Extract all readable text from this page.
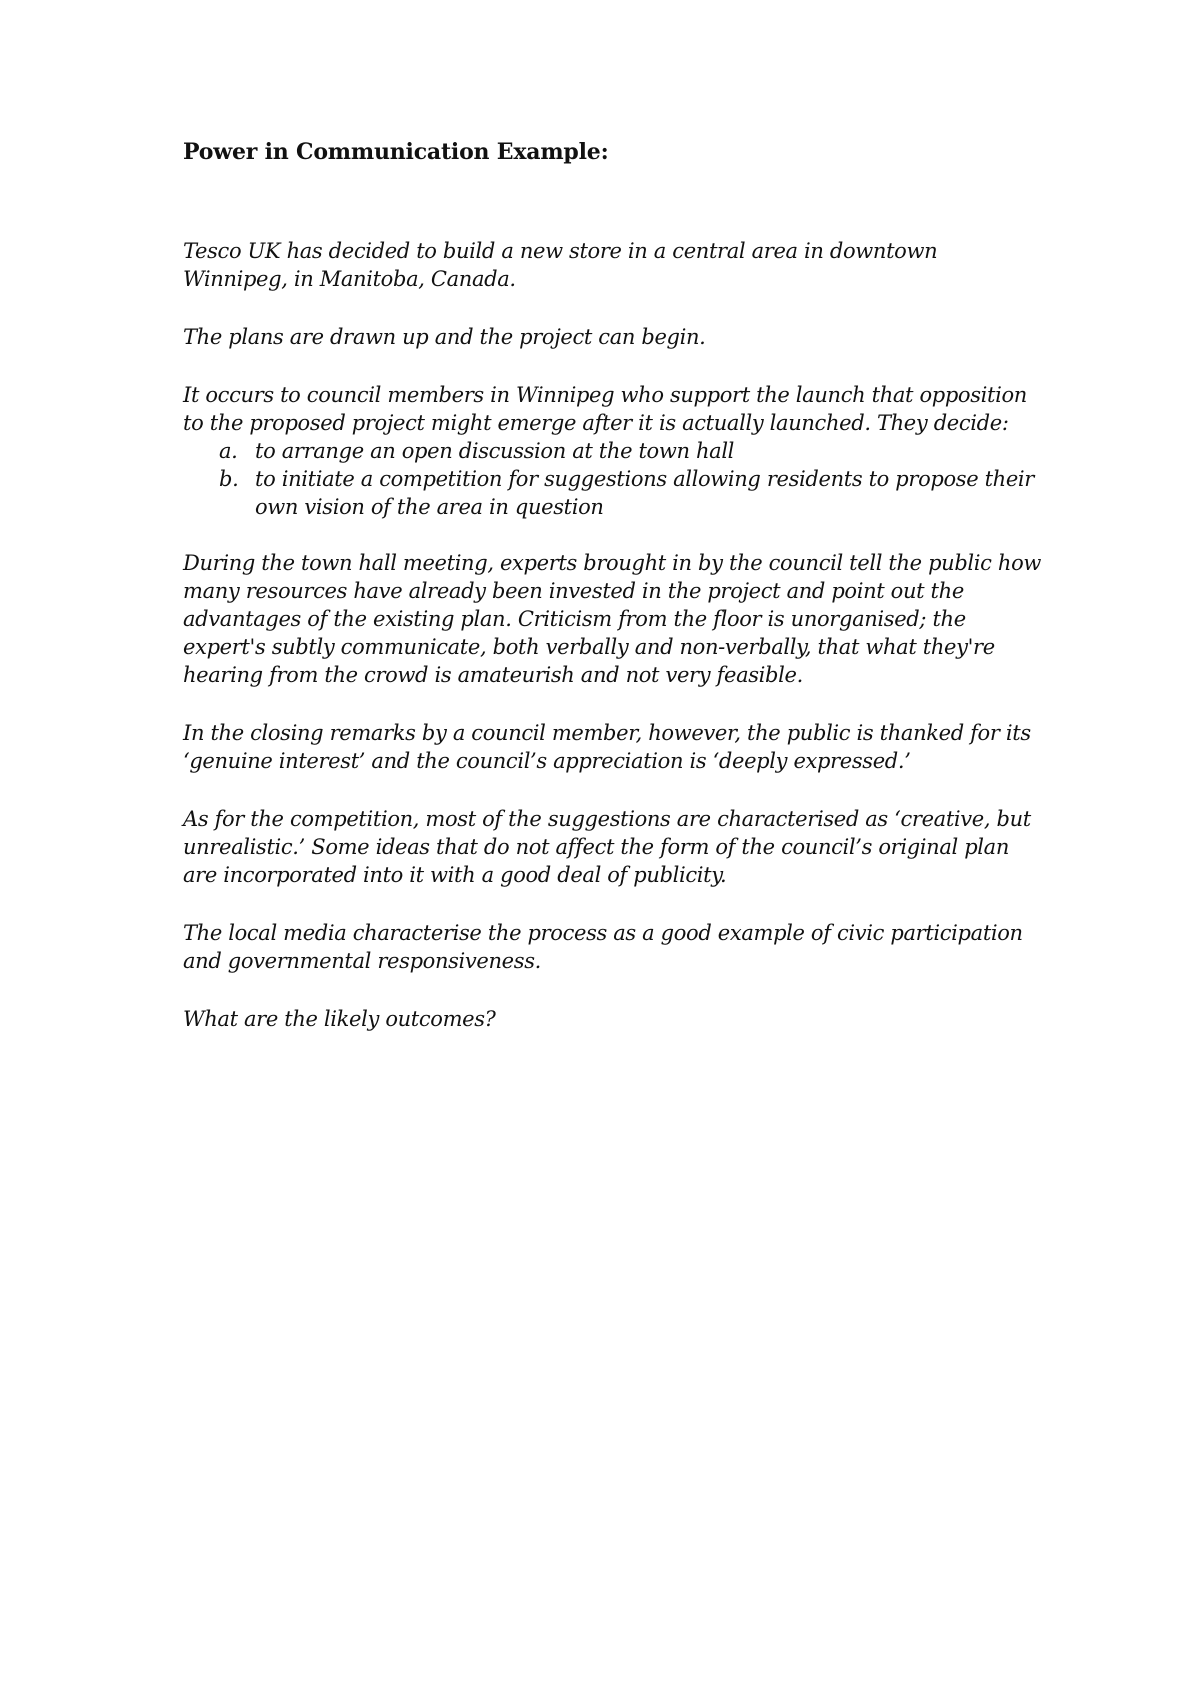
Power in Communication Example:

Tesco UK has decided to build a new store in a central area in downtown Winnipeg, in Manitoba, Canada.

The plans are drawn up and the project can begin.

It occurs to council members in Winnipeg who support the launch that opposition to the proposed project might emerge after it is actually launched. They decide:

a. to arrange an open discussion at the town hall
b. to initiate a competition for suggestions allowing residents to propose their own vision of the area in question

During the town hall meeting, experts brought in by the council tell the public how many resources have already been invested in the project and point out the advantages of the existing plan. Criticism from the floor is unorganised; the expert's subtly communicate, both verbally and non-verbally, that what they're hearing from the crowd is amateurish and not very feasible.

In the closing remarks by a council member, however, the public is thanked for its ‘genuine interest’ and the council’s appreciation is ‘deeply expressed.’

As for the competition, most of the suggestions are characterised as ‘creative, but unrealistic.’ Some ideas that do not affect the form of the council’s original plan are incorporated into it with a good deal of publicity.

The local media characterise the process as a good example of civic participation and governmental responsiveness.

What are the likely outcomes?
